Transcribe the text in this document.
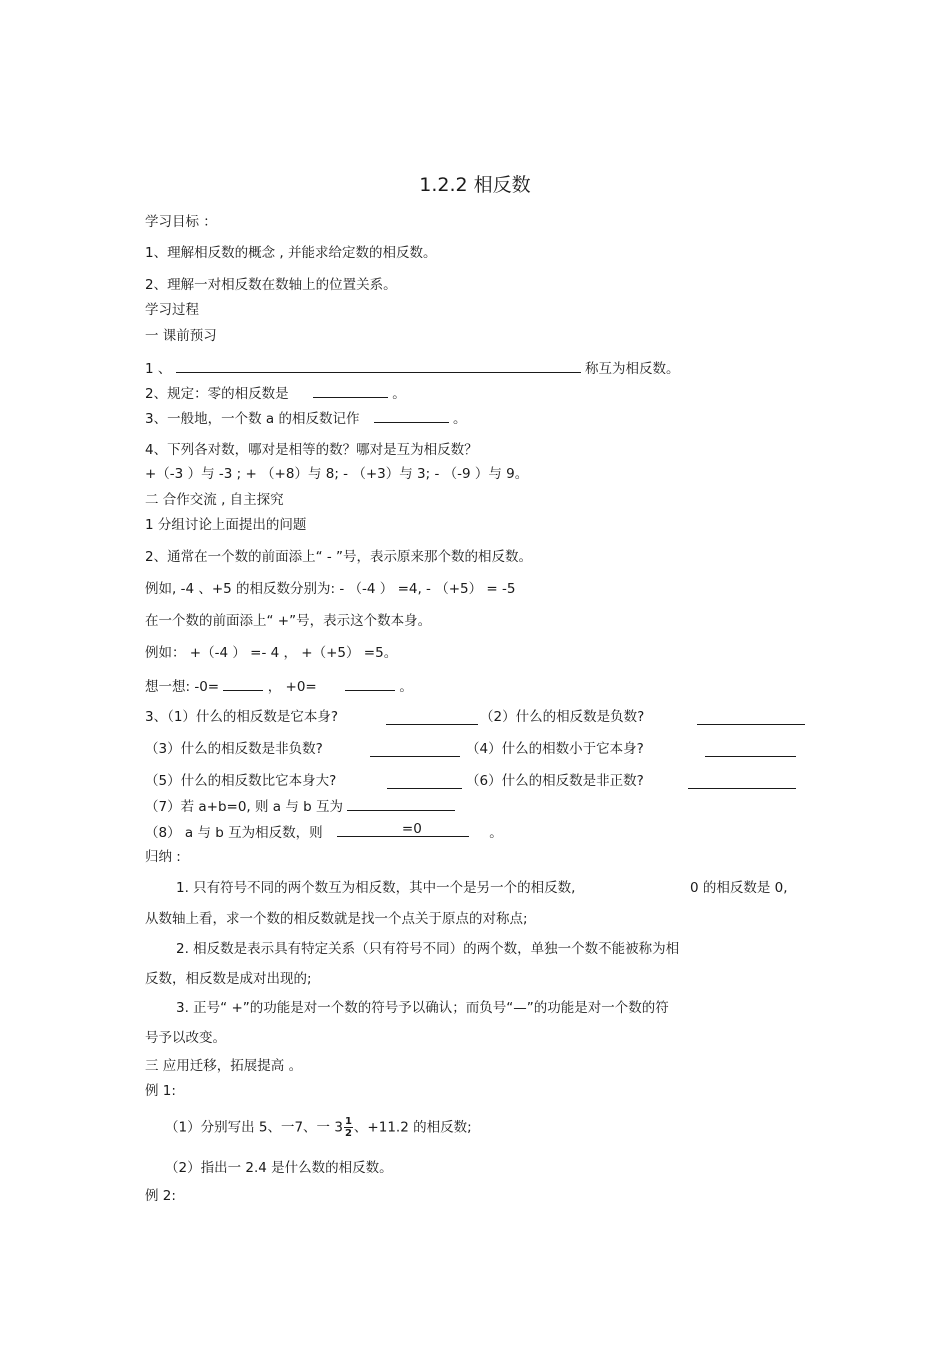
1.2.2 相反数
学习目标 ：
1、理解相反数的概念 , 并能求给定数的相反数。
2、理解一对相反数在数轴上的位置关系。
学习过程
一 课前预习
1 、	称互为相反数。
2、规定：零的相反数是	。
3、一般地，一个数 a 的相反数记作	。
4、下列各对数，哪对是相等的数？哪对是互为相反数？
+（-3 ）与 -3 ; + （+8）与 8; - （+3）与 3; - （-9 ）与 9。
二 合作交流 , 自主探究
1 分组讨论上面提出的问题
2、通常在一个数的前面添上“ - ”号，表示原来那个数的相反数。
例如, -4 、+5 的相反数分别为: - （-4 ） =4, - （+5） = -5
在一个数的前面添上“ +”号，表示这个数本身。
例如： +（-4 ） =- 4 ， +（+5） =5。
想一想: -0=	， +0=	。
3、（1）什么的相反数是它本身?	（2）什么的相反数是负数?
（3）什么的相反数是非负数?	（4）什么的相数小于它本身?
（5）什么的相反数比它本身大?	（6）什么的相反数是非正数?
（7）若 a+b=0, 则 a 与 b 互为
（8） a 与 b 互为相反数，则	=0	。
归纳 :
1. 只有符号不同的两个数互为相反数，其中一个是另一个的相反数,	0 的相反数是 0,
从数轴上看，求一个数的相反数就是找一个点关于原点的对称点;
2. 相反数是表示具有特定关系（只有符号不同）的两个数，单独一个数不能被称为相
反数，相反数是成对出现的;
3. 正号“ +”的功能是对一个数的符号予以确认；而负号“—”的功能是对一个数的符
号予以改变。
三 应用迁移，拓展提高 。
例 1:
（1）分别写出 5、一7、一 $3 \frac{1}{2}$ 、+11.2 的相反数;
（2）指出一 2.4 是什么数的相反数。
例 2:
